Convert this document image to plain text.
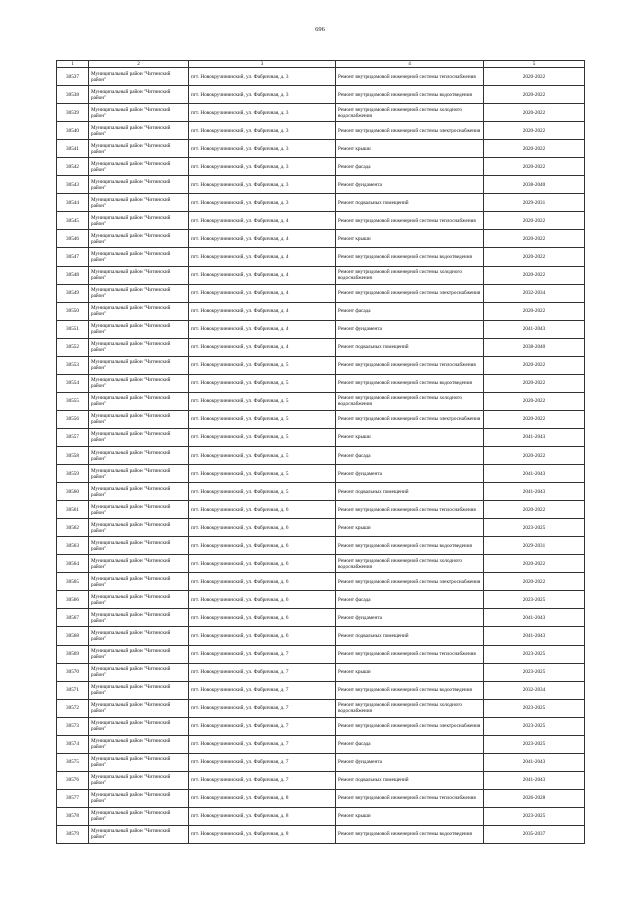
696
1	2	3	4	5
30537	Муниципальный район "Читинский район"	пгт. Новокручининский, ул. Фабричная, д. 3	Ремонт внутридомовой инженерной системы теплоснабжения	2020-2022
30538	Муниципальный район "Читинский район"	пгт. Новокручининский, ул. Фабричная, д. 3	Ремонт внутридомовой инженерной системы водоотведения	2020-2022
30539	Муниципальный район "Читинский район"	пгт. Новокручининский, ул. Фабричная, д. 3	Ремонт внутридомовой инженерной системы холодного водоснабжения	2020-2022
30540	Муниципальный район "Читинский район"	пгт. Новокручининский, ул. Фабричная, д. 3	Ремонт внутридомовой инженерной системы электроснабжения	2020-2022
30541	Муниципальный район "Читинский район"	пгт. Новокручининский, ул. Фабричная, д. 3	Ремонт крыши	2020-2022
30542	Муниципальный район "Читинский район"	пгт. Новокручининский, ул. Фабричная, д. 3	Ремонт фасада	2020-2022
30543	Муниципальный район "Читинский район"	пгт. Новокручининский, ул. Фабричная, д. 3	Ремонт фундамента	2038-2040
30544	Муниципальный район "Читинский район"	пгт. Новокручининский, ул. Фабричная, д. 3	Ремонт подвальных помещений	2029-2031
30545	Муниципальный район "Читинский район"	пгт. Новокручининский, ул. Фабричная, д. 4	Ремонт внутридомовой инженерной системы теплоснабжения	2020-2022
30546	Муниципальный район "Читинский район"	пгт. Новокручининский, ул. Фабричная, д. 4	Ремонт крыши	2020-2022
30547	Муниципальный район "Читинский район"	пгт. Новокручининский, ул. Фабричная, д. 4	Ремонт внутридомовой инженерной системы водоотведения	2020-2022
30548	Муниципальный район "Читинский район"	пгт. Новокручининский, ул. Фабричная, д. 4	Ремонт внутридомовой инженерной системы холодного водоснабжения	2020-2022
30549	Муниципальный район "Читинский район"	пгт. Новокручининский, ул. Фабричная, д. 4	Ремонт внутридомовой инженерной системы электроснабжения	2032-2034
30550	Муниципальный район "Читинский район"	пгт. Новокручининский, ул. Фабричная, д. 4	Ремонт фасада	2020-2022
30551	Муниципальный район "Читинский район"	пгт. Новокручининский, ул. Фабричная, д. 4	Ремонт фундамента	2041-2043
30552	Муниципальный район "Читинский район"	пгт. Новокручининский, ул. Фабричная, д. 4	Ремонт подвальных помещений	2038-2040
30553	Муниципальный район "Читинский район"	пгт. Новокручининский, ул. Фабричная, д. 5	Ремонт внутридомовой инженерной системы теплоснабжения	2020-2022
30554	Муниципальный район "Читинский район"	пгт. Новокручининский, ул. Фабричная, д. 5	Ремонт внутридомовой инженерной системы водоотведения	2020-2022
30555	Муниципальный район "Читинский район"	пгт. Новокручининский, ул. Фабричная, д. 5	Ремонт внутридомовой инженерной системы холодного водоснабжения	2020-2022
30556	Муниципальный район "Читинский район"	пгт. Новокручининский, ул. Фабричная, д. 5	Ремонт внутридомовой инженерной системы электроснабжения	2020-2022
30557	Муниципальный район "Читинский район"	пгт. Новокручининский, ул. Фабричная, д. 5	Ремонт крыши	2041-2043
30558	Муниципальный район "Читинский район"	пгт. Новокручининский, ул. Фабричная, д. 5	Ремонт фасада	2020-2022
30559	Муниципальный район "Читинский район"	пгт. Новокручининский, ул. Фабричная, д. 5	Ремонт фундамента	2041-2043
30560	Муниципальный район "Читинский район"	пгт. Новокручининский, ул. Фабричная, д. 5	Ремонт подвальных помещений	2041-2043
30561	Муниципальный район "Читинский район"	пгт. Новокручининский, ул. Фабричная, д. 6	Ремонт внутридомовой инженерной системы теплоснабжения	2020-2022
30562	Муниципальный район "Читинский район"	пгт. Новокручининский, ул. Фабричная, д. 6	Ремонт крыши	2023-2025
30563	Муниципальный район "Читинский район"	пгт. Новокручининский, ул. Фабричная, д. 6	Ремонт внутридомовой инженерной системы водоотведения	2029-2031
30564	Муниципальный район "Читинский район"	пгт. Новокручининский, ул. Фабричная, д. 6	Ремонт внутридомовой инженерной системы холодного водоснабжения	2020-2022
30565	Муниципальный район "Читинский район"	пгт. Новокручининский, ул. Фабричная, д. 6	Ремонт внутридомовой инженерной системы электроснабжения	2020-2022
30566	Муниципальный район "Читинский район"	пгт. Новокручининский, ул. Фабричная, д. 6	Ремонт фасада	2023-2025
30567	Муниципальный район "Читинский район"	пгт. Новокручининский, ул. Фабричная, д. 6	Ремонт фундамента	2041-2043
30568	Муниципальный район "Читинский район"	пгт. Новокручининский, ул. Фабричная, д. 6	Ремонт подвальных помещений	2041-2043
30569	Муниципальный район "Читинский район"	пгт. Новокручининский, ул. Фабричная, д. 7	Ремонт внутридомовой инженерной системы теплоснабжения	2023-2025
30570	Муниципальный район "Читинский район"	пгт. Новокручининский, ул. Фабричная, д. 7	Ремонт крыши	2023-2025
30571	Муниципальный район "Читинский район"	пгт. Новокручининский, ул. Фабричная, д. 7	Ремонт внутридомовой инженерной системы водоотведения	2032-2034
30572	Муниципальный район "Читинский район"	пгт. Новокручининский, ул. Фабричная, д. 7	Ремонт внутридомовой инженерной системы холодного водоснабжения	2023-2025
30573	Муниципальный район "Читинский район"	пгт. Новокручининский, ул. Фабричная, д. 7	Ремонт внутридомовой инженерной системы электроснабжения	2023-2025
30574	Муниципальный район "Читинский район"	пгт. Новокручининский, ул. Фабричная, д. 7	Ремонт фасада	2023-2025
30575	Муниципальный район "Читинский район"	пгт. Новокручининский, ул. Фабричная, д. 7	Ремонт фундамента	2041-2043
30576	Муниципальный район "Читинский район"	пгт. Новокручининский, ул. Фабричная, д. 7	Ремонт подвальных помещений	2041-2043
30577	Муниципальный район "Читинский район"	пгт. Новокручининский, ул. Фабричная, д. 8	Ремонт внутридомовой инженерной системы теплоснабжения	2026-2028
30578	Муниципальный район "Читинский район"	пгт. Новокручининский, ул. Фабричная, д. 8	Ремонт крыши	2023-2025
30579	Муниципальный район "Читинский район"	пгт. Новокручининский, ул. Фабричная, д. 8	Ремонт внутридомовой инженерной системы водоотведения	2035-2037
